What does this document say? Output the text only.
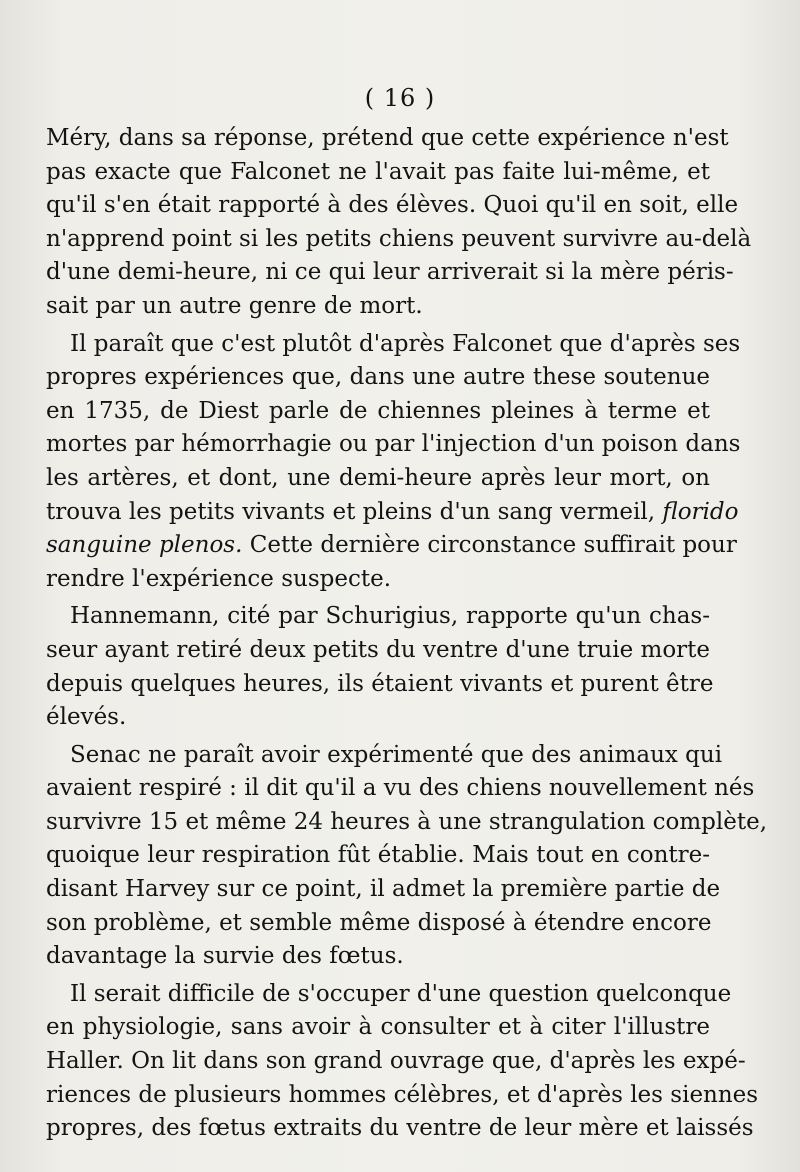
( 16 )
Méry, dans sa réponse, prétend que cette expérience n'est
pas exacte que Falconet ne l'avait pas faite lui-même, et
qu'il s'en était rapporté à des élèves. Quoi qu'il en soit, elle
n'apprend point si les petits chiens peuvent survivre au-delà
d'une demi-heure, ni ce qui leur arriverait si la mère péris-
sait par un autre genre de mort.
Il paraît que c'est plutôt d'après Falconet que d'après ses
propres expériences que, dans une autre these soutenue
en 1735, de Diest parle de chiennes pleines à terme et
mortes par hémorrhagie ou par l'injection d'un poison dans
les artères, et dont, une demi-heure après leur mort, on
trouva les petits vivants et pleins d'un sang vermeil, florido
sanguine plenos. Cette dernière circonstance suffirait pour
rendre l'expérience suspecte.
Hannemann, cité par Schurigius, rapporte qu'un chas-
seur ayant retiré deux petits du ventre d'une truie morte
depuis quelques heures, ils étaient vivants et purent être
élevés.
Senac ne paraît avoir expérimenté que des animaux qui
avaient respiré : il dit qu'il a vu des chiens nouvellement nés
survivre 15 et même 24 heures à une strangulation complète,
quoique leur respiration fût établie. Mais tout en contre-
disant Harvey sur ce point, il admet la première partie de
son problème, et semble même disposé à étendre encore
davantage la survie des fœtus.
Il serait difficile de s'occuper d'une question quelconque
en physiologie, sans avoir à consulter et à citer l'illustre
Haller. On lit dans son grand ouvrage que, d'après les expé-
riences de plusieurs hommes célèbres, et d'après les siennes
propres, des fœtus extraits du ventre de leur mère et laissés
